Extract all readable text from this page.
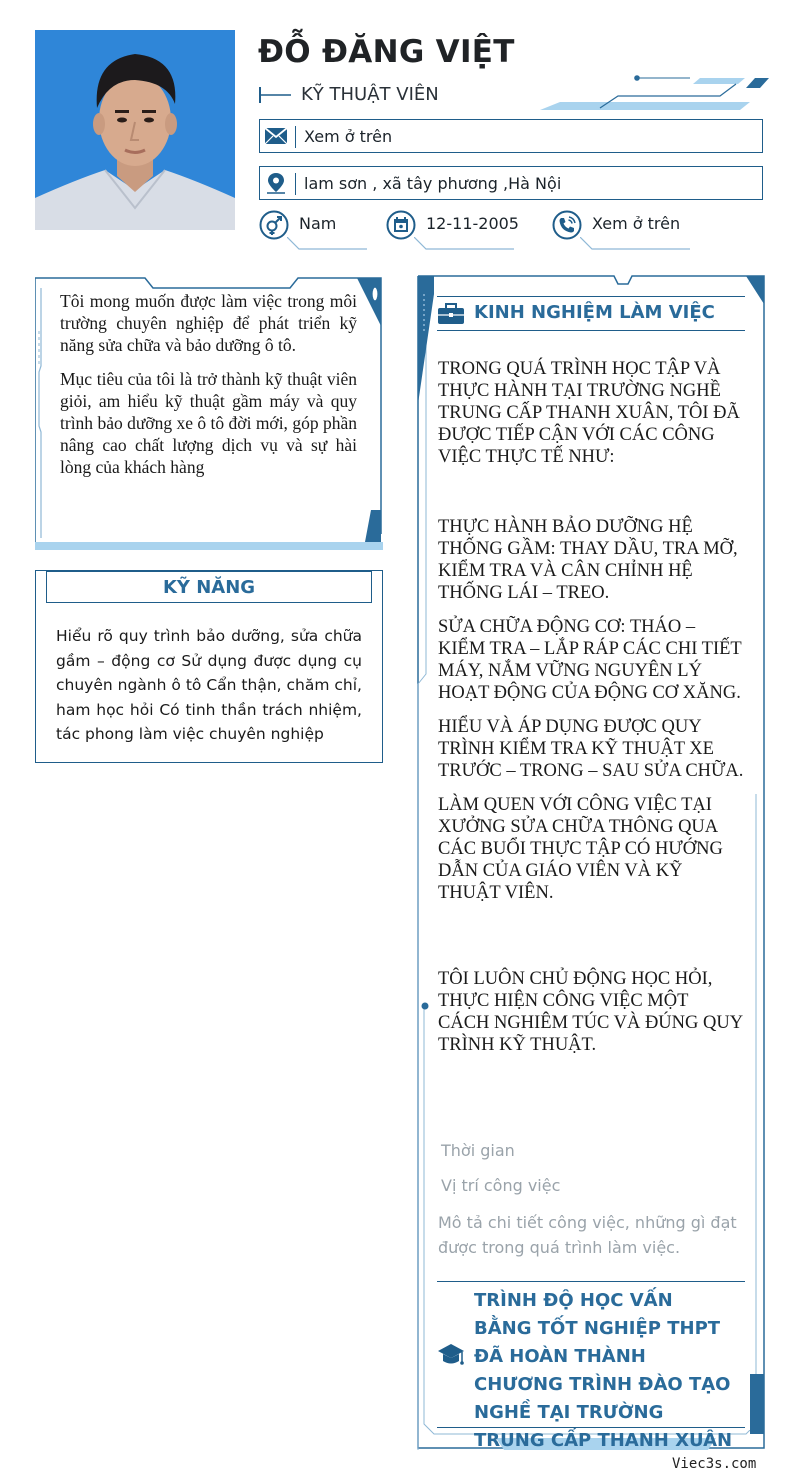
ĐỖ ĐĂNG VIỆT
KỸ THUẬT VIÊN
Xem ở trên
lam sơn , xã tây phương ,Hà Nội
Nam	12-11-2005	Xem ở trên

Tôi mong muốn được làm việc trong môi trường chuyên nghiệp để phát triển kỹ năng sửa chữa và bảo dưỡng ô tô.

Mục tiêu của tôi là trở thành kỹ thuật viên giỏi, am hiểu kỹ thuật gầm máy và quy trình bảo dưỡng xe ô tô đời mới, góp phần nâng cao chất lượng dịch vụ và sự hài lòng của khách hàng

KỸ NĂNG
Hiểu rõ quy trình bảo dưỡng, sửa chữa gầm – động cơ Sử dụng được dụng cụ chuyên ngành ô tô Cẩn thận, chăm chỉ, ham học hỏi Có tinh thần trách nhiệm, tác phong làm việc chuyên nghiệp
KINH NGHIỆM LÀM VIỆC

TRONG QUÁ TRÌNH HỌC TẬP VÀ THỰC HÀNH TẠI TRƯỜNG NGHỀ TRUNG CẤP THANH XUÂN, TÔI ĐÃ ĐƯỢC TIẾP CẬN VỚI CÁC CÔNG VIỆC THỰC TẾ NHƯ:

THỰC HÀNH BẢO DƯỠNG HỆ THỐNG GẦM: THAY DẦU, TRA MỠ, KIỂM TRA VÀ CÂN CHỈNH HỆ THỐNG LÁI – TREO.

SỬA CHỮA ĐỘNG CƠ: THÁO – KIỂM TRA – LẮP RÁP CÁC CHI TIẾT MÁY, NẮM VỮNG NGUYÊN LÝ HOẠT ĐỘNG CỦA ĐỘNG CƠ XĂNG.

HIỂU VÀ ÁP DỤNG ĐƯỢC QUY TRÌNH KIỂM TRA KỸ THUẬT XE TRƯỚC – TRONG – SAU SỬA CHỮA.

LÀM QUEN VỚI CÔNG VIỆC TẠI XƯỞNG SỬA CHỮA THÔNG QUA CÁC BUỔI THỰC TẬP CÓ HƯỚNG DẪN CỦA GIÁO VIÊN VÀ KỸ THUẬT VIÊN.

TÔI LUÔN CHỦ ĐỘNG HỌC HỎI, THỰC HIỆN CÔNG VIỆC MỘT CÁCH NGHIÊM TÚC VÀ ĐÚNG QUY TRÌNH KỸ THUẬT.

Thời gian
Vị trí công việc
Mô tả chi tiết công việc, những gì đạt được trong quá trình làm việc.
TRÌNH ĐỘ HỌC VẤN BẰNG TỐT NGHIỆP THPT ĐÃ HOÀN THÀNH CHƯƠNG TRÌNH ĐÀO TẠO NGHỀ TẠI TRƯỜNG TRUNG CẤP THANH XUÂN
Viec3s.com
